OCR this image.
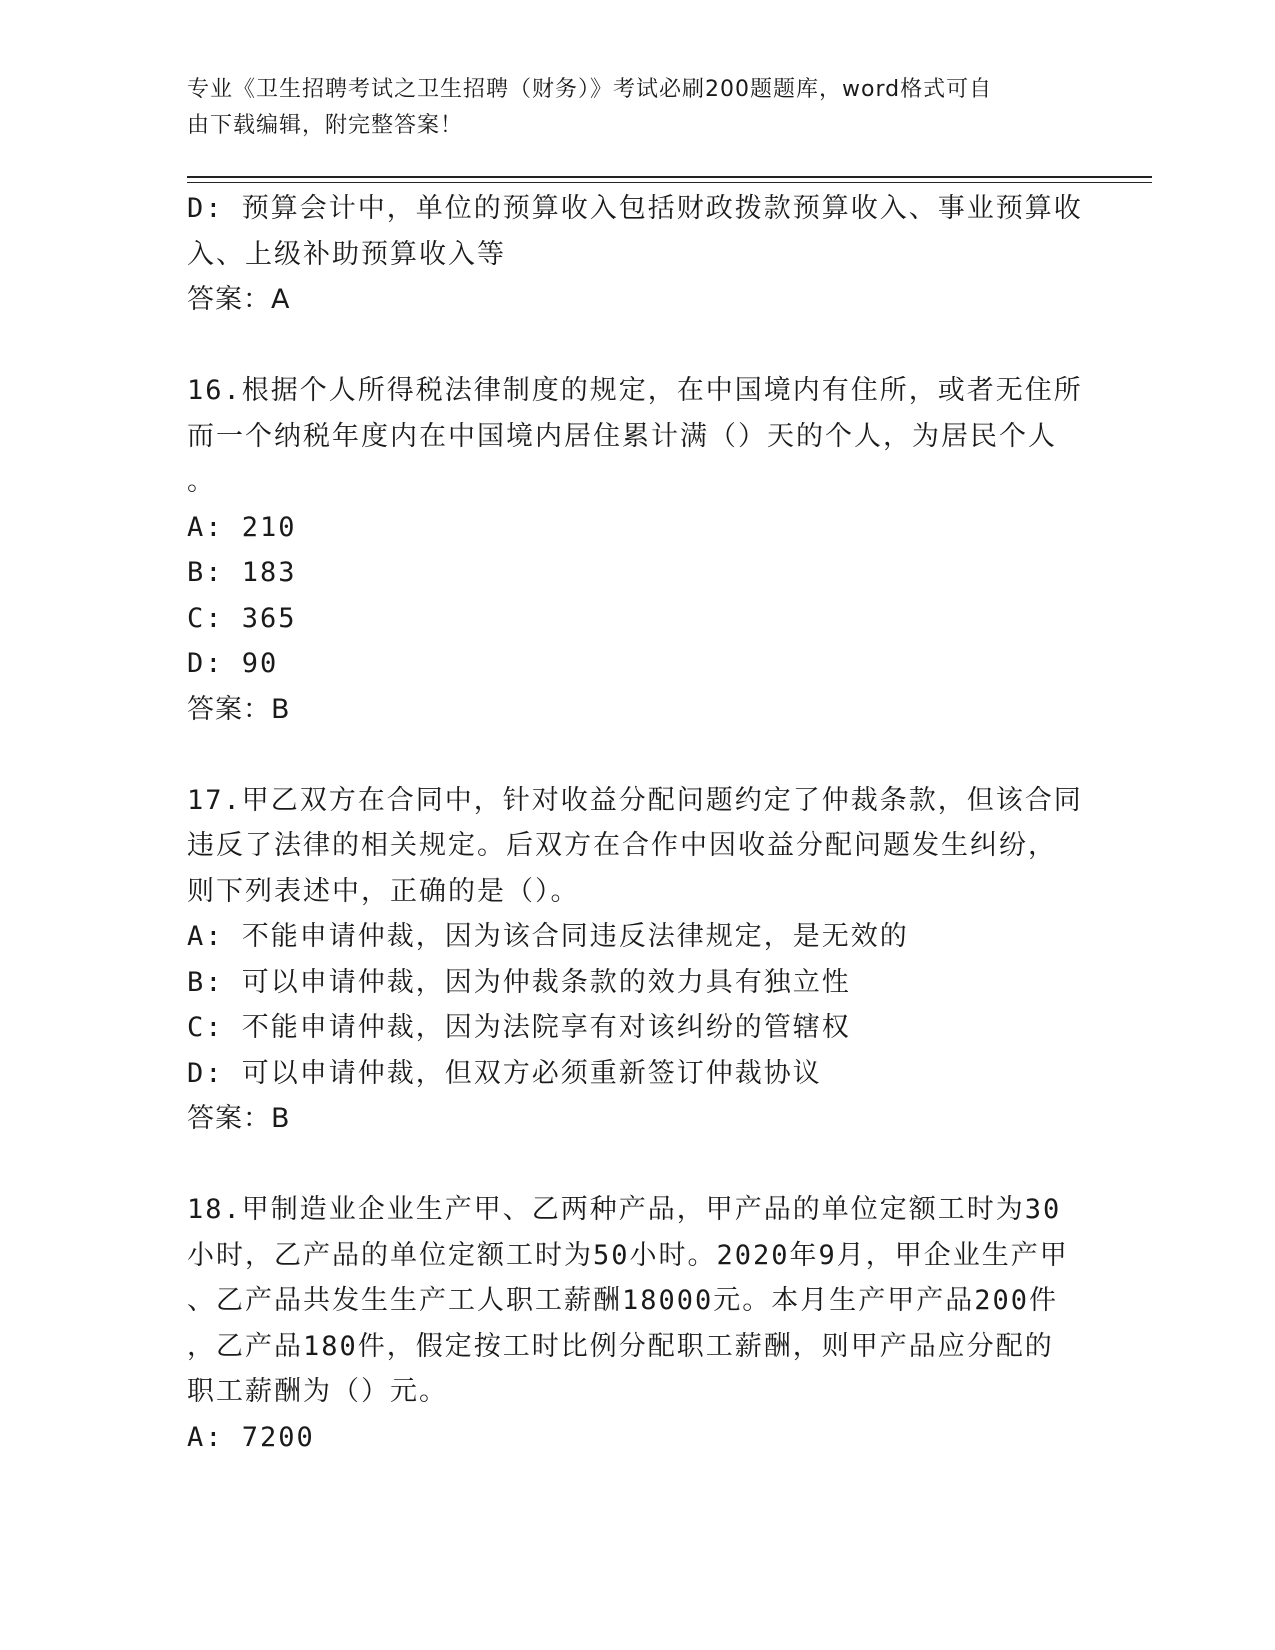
专业《卫生招聘考试之卫生招聘（财务）》考试必刷200题题库，word格式可自
由下载编辑，附完整答案！
D: 预算会计中，单位的预算收入包括财政拨款预算收入、事业预算收
入、上级补助预算收入等
答案：A
16.根据个人所得税法律制度的规定，在中国境内有住所，或者无住所
而一个纳税年度内在中国境内居住累计满（）天的个人，为居民个人
。
A: 210
B: 183
C: 365
D: 90
答案：B
17.甲乙双方在合同中，针对收益分配问题约定了仲裁条款，但该合同
违反了法律的相关规定。后双方在合作中因收益分配问题发生纠纷，
则下列表述中，正确的是（）。
A: 不能申请仲裁，因为该合同违反法律规定，是无效的
B: 可以申请仲裁，因为仲裁条款的效力具有独立性
C: 不能申请仲裁，因为法院享有对该纠纷的管辖权
D: 可以申请仲裁，但双方必须重新签订仲裁协议
答案：B
18.甲制造业企业生产甲、乙两种产品，甲产品的单位定额工时为30
小时，乙产品的单位定额工时为50小时。2020年9月，甲企业生产甲
、乙产品共发生生产工人职工薪酬18000元。本月生产甲产品200件
，乙产品180件，假定按工时比例分配职工薪酬，则甲产品应分配的
职工薪酬为（）元。
A: 7200
